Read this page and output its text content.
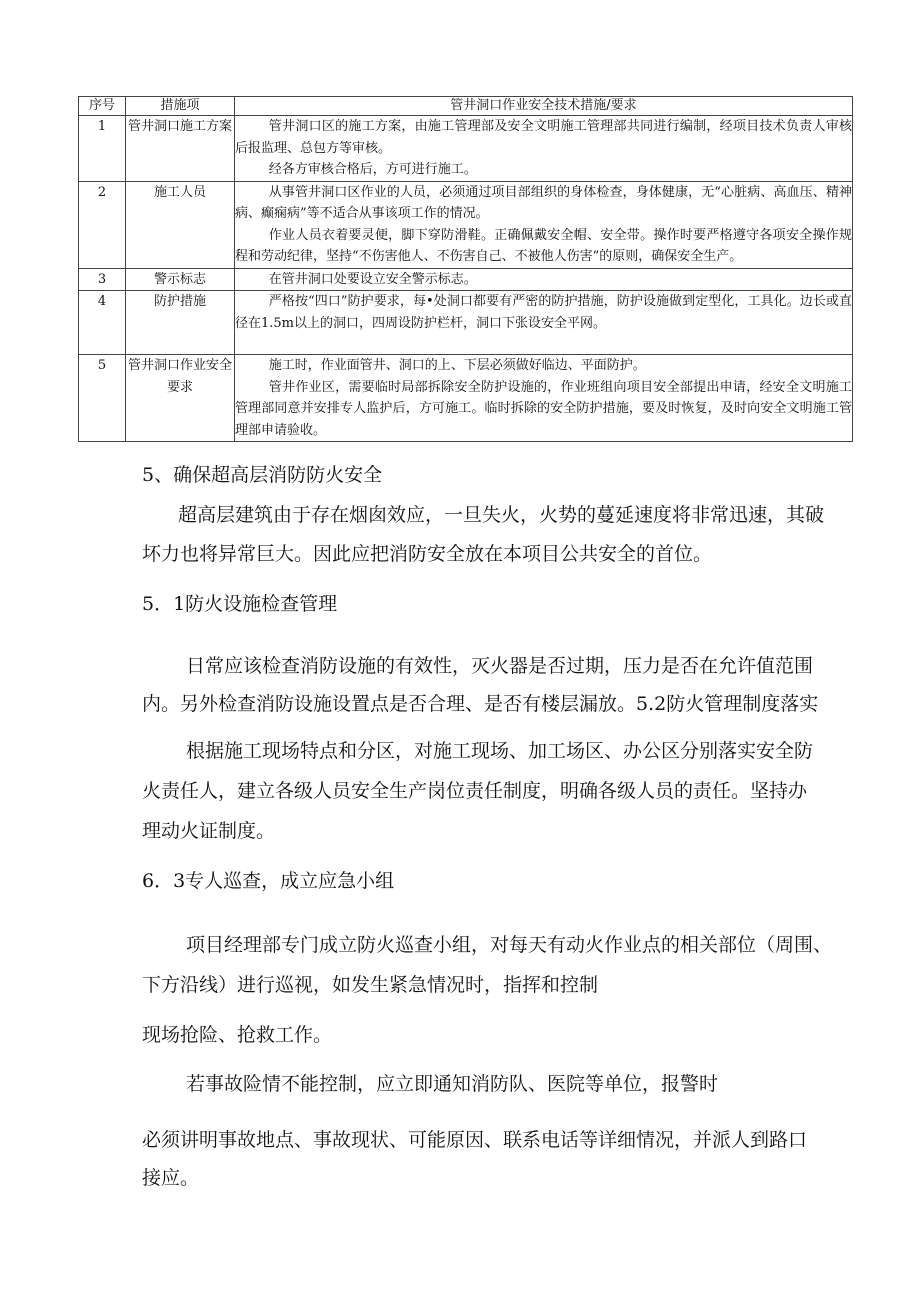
序号	措施项	管井洞口作业安全技术措施/要求
1	管井洞口施工方案	管井洞口区的施工方案，由施工管理部及安全文明施工管理部共同进行编制，经项目技术负责人审核后报监理、总包方等审核。

经各方审核合格后，方可进行施工。

2	施工人员	从事管井洞口区作业的人员，必须通过项目部组织的身体检查，身体健康，无“心脏病、高血压、精神病、癫痫病”等不适合从事该项工作的情况。

作业人员衣着要灵便，脚下穿防滑鞋。正确佩戴安全帽、安全带。操作时要严格遵守各项安全操作规程和劳动纪律，坚持“不伤害他人、不伤害自己、不被他人伤害”的原则，确保安全生产。

3	警示标志	在管井洞口处要设立安全警示标志。

4	防护措施	严格按“四口”防护要求，每•处洞口都要有严密的防护措施，防护设施做到定型化，工具化。边长或直径在1.5m以上的洞口，四周设防护栏杆，洞口下张设安全平网。

5	管井洞口作业安全要求	施工时，作业面管井、洞口的上、下层必须做好临边、平面防护。

管井作业区，需要临时局部拆除安全防护设施的，作业班组向项目安全部提出申请，经安全文明施工管理部同意并安排专人监护后，方可施工。临时拆除的安全防护措施，要及时恢复，及时向安全文明施工管理部申请验收。

5、确保超高层消防防火安全

超高层建筑由于存在烟囱效应，一旦失火，火势的蔓延速度将非常迅速，其破

坏力也将异常巨大。因此应把消防安全放在本项目公共安全的首位。

5．1防火设施检查管理

日常应该检查消防设施的有效性，灭火器是否过期，压力是否在允许值范围

内。另外检查消防设施设置点是否合理、是否有楼层漏放。5.2防火管理制度落实

根据施工现场特点和分区，对施工现场、加工场区、办公区分别落实安全防

火责任人，建立各级人员安全生产岗位责任制度，明确各级人员的责任。坚持办

理动火证制度。

6．3专人巡查，成立应急小组

项目经理部专门成立防火巡查小组，对每天有动火作业点的相关部位（周围、

下方沿线）进行巡视，如发生紧急情况时，指挥和控制

现场抢险、抢救工作。

若事故险情不能控制，应立即通知消防队、医院等单位，报警时

必须讲明事故地点、事故现状、可能原因、联系电话等详细情况，并派人到路口

接应。
